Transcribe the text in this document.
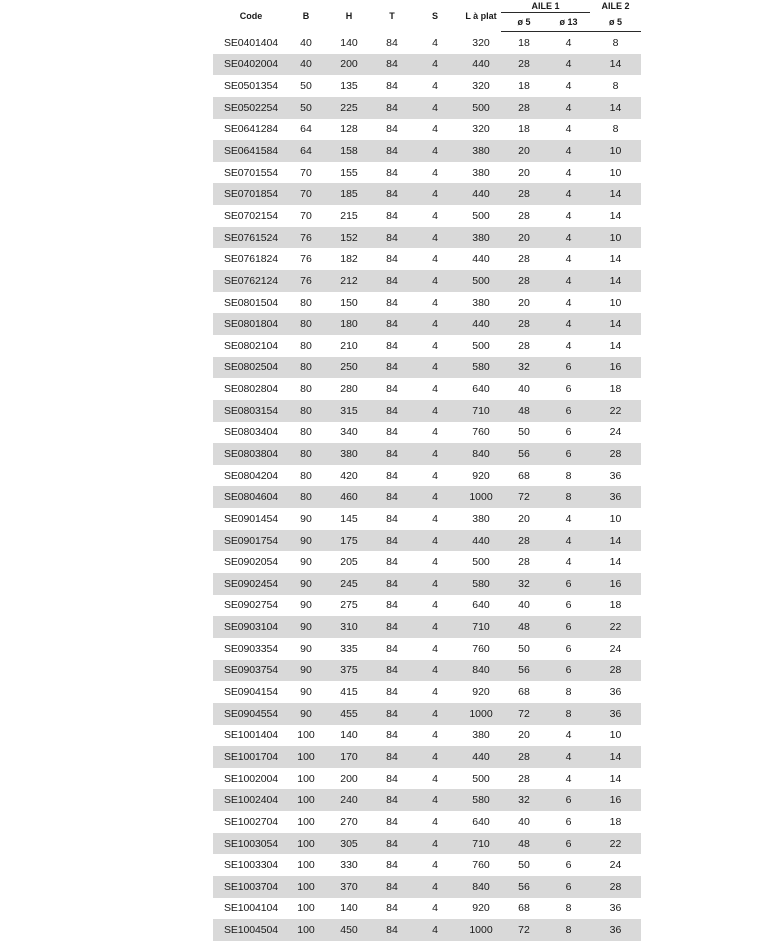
Code	B	H	T	S	L à plat	AILE 1		AILE 2
						ø 5	ø 13	ø 5
SE0401404	40	140	84	4	320	18	4	8
SE0402004	40	200	84	4	440	28	4	14
SE0501354	50	135	84	4	320	18	4	8
SE0502254	50	225	84	4	500	28	4	14
SE0641284	64	128	84	4	320	18	4	8
SE0641584	64	158	84	4	380	20	4	10
SE0701554	70	155	84	4	380	20	4	10
SE0701854	70	185	84	4	440	28	4	14
SE0702154	70	215	84	4	500	28	4	14
SE0761524	76	152	84	4	380	20	4	10
SE0761824	76	182	84	4	440	28	4	14
SE0762124	76	212	84	4	500	28	4	14
SE0801504	80	150	84	4	380	20	4	10
SE0801804	80	180	84	4	440	28	4	14
SE0802104	80	210	84	4	500	28	4	14
SE0802504	80	250	84	4	580	32	6	16
SE0802804	80	280	84	4	640	40	6	18
SE0803154	80	315	84	4	710	48	6	22
SE0803404	80	340	84	4	760	50	6	24
SE0803804	80	380	84	4	840	56	6	28
SE0804204	80	420	84	4	920	68	8	36
SE0804604	80	460	84	4	1000	72	8	36
SE0901454	90	145	84	4	380	20	4	10
SE0901754	90	175	84	4	440	28	4	14
SE0902054	90	205	84	4	500	28	4	14
SE0902454	90	245	84	4	580	32	6	16
SE0902754	90	275	84	4	640	40	6	18
SE0903104	90	310	84	4	710	48	6	22
SE0903354	90	335	84	4	760	50	6	24
SE0903754	90	375	84	4	840	56	6	28
SE0904154	90	415	84	4	920	68	8	36
SE0904554	90	455	84	4	1000	72	8	36
SE1001404	100	140	84	4	380	20	4	10
SE1001704	100	170	84	4	440	28	4	14
SE1002004	100	200	84	4	500	28	4	14
SE1002404	100	240	84	4	580	32	6	16
SE1002704	100	270	84	4	640	40	6	18
SE1003054	100	305	84	4	710	48	6	22
SE1003304	100	330	84	4	760	50	6	24
SE1003704	100	370	84	4	840	56	6	28
SE1004104	100	140	84	4	920	68	8	36
SE1004504	100	450	84	4	1000	72	8	36
